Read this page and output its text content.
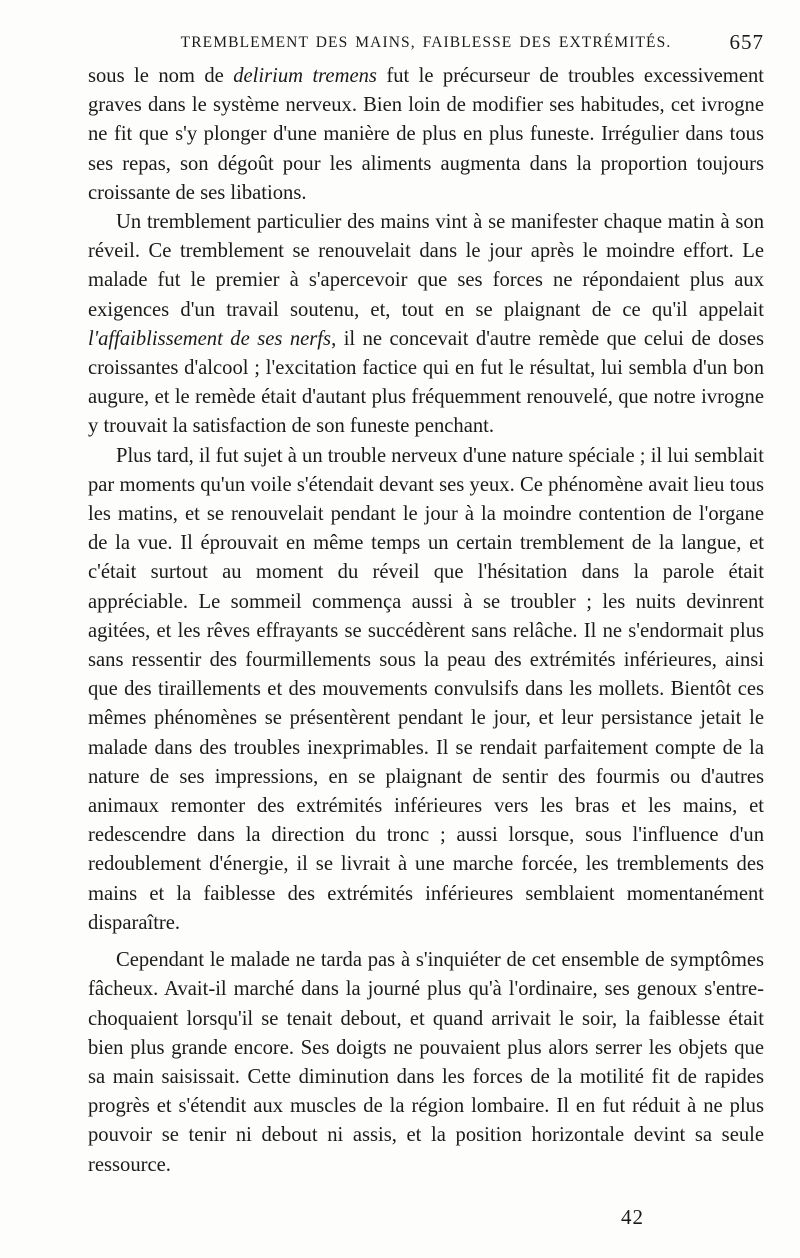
TREMBLEMENT DES MAINS, FAIBLESSE DES EXTRÉMITÉS.	657

sous le nom de delirium tremens fut le précurseur de troubles excessivement graves dans le système nerveux. Bien loin de modifier ses habitudes, cet ivrogne ne fit que s'y plonger d'une manière de plus en plus funeste. Irrégulier dans tous ses repas, son dégoût pour les aliments augmenta dans la proportion toujours croissante de ses libations.

Un tremblement particulier des mains vint à se manifester chaque matin à son réveil. Ce tremblement se renouvelait dans le jour après le moindre effort. Le malade fut le premier à s'apercevoir que ses forces ne répondaient plus aux exigences d'un travail soutenu, et, tout en se plaignant de ce qu'il appelait l'affaiblissement de ses nerfs, il ne concevait d'autre remède que celui de doses croissantes d'alcool ; l'excitation factice qui en fut le résultat, lui sembla d'un bon augure, et le remède était d'autant plus fréquemment renouvelé, que notre ivrogne y trouvait la satisfaction de son funeste penchant.

Plus tard, il fut sujet à un trouble nerveux d'une nature spéciale ; il lui semblait par moments qu'un voile s'étendait devant ses yeux. Ce phénomène avait lieu tous les matins, et se renouvelait pendant le jour à la moindre contention de l'organe de la vue. Il éprouvait en même temps un certain tremblement de la langue, et c'était surtout au moment du réveil que l'hésitation dans la parole était appréciable. Le sommeil commença aussi à se troubler ; les nuits devinrent agitées, et les rêves effrayants se succédèrent sans relâche. Il ne s'endormait plus sans ressentir des fourmillements sous la peau des extrémités inférieures, ainsi que des tiraillements et des mouvements convulsifs dans les mollets. Bientôt ces mêmes phénomènes se présentèrent pendant le jour, et leur persistance jetait le malade dans des troubles inexprimables. Il se rendait parfaitement compte de la nature de ses impressions, en se plaignant de sentir des fourmis ou d'autres animaux remonter des extrémités inférieures vers les bras et les mains, et redescendre dans la direction du tronc ; aussi lorsque, sous l'influence d'un redoublement d'énergie, il se livrait à une marche forcée, les tremblements des mains et la faiblesse des extrémités inférieures semblaient momentanément disparaître.

Cependant le malade ne tarda pas à s'inquiéter de cet ensemble de symptômes fâcheux. Avait-il marché dans la journé plus qu'à l'ordinaire, ses genoux s'entre-choquaient lorsqu'il se tenait debout, et quand arrivait le soir, la faiblesse était bien plus grande encore. Ses doigts ne pouvaient plus alors serrer les objets que sa main saisissait. Cette diminution dans les forces de la motilité fit de rapides progrès et s'étendit aux muscles de la région lombaire. Il en fut réduit à ne plus pouvoir se tenir ni debout ni assis, et la position horizontale devint sa seule ressource.

42
